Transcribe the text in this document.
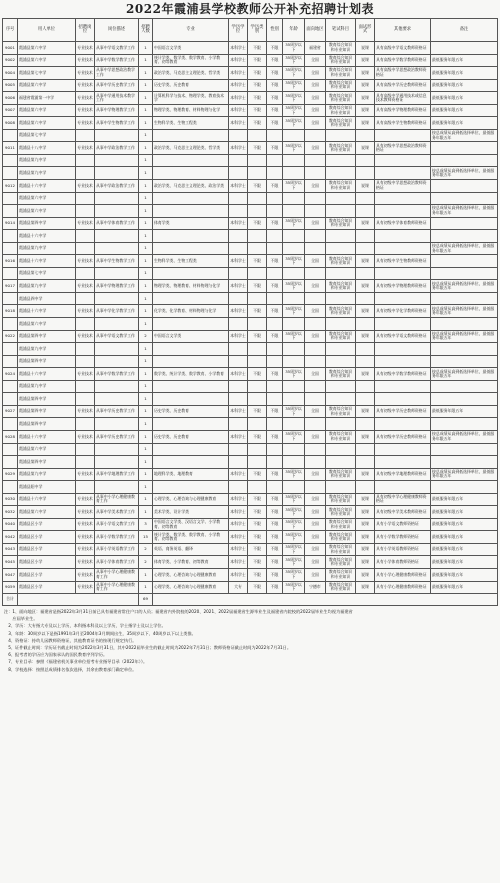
2022年霞浦县学校教师公开补充招聘计划表
序号	用人单位	招聘岗位	岗位描述	招聘人数	专业	学历学位	学历类别	性别	年龄	面向地区	笔试科目	面试形式	其他要求	备注
9001	霞浦县第六中学	专业技术	从事中学语文教学工作	1	中国语言文学类	本科学士	不限	不限	35周岁以下	福建省	教育综合知识和专业知识	说课	具有高级中学语文教师资格证	
9002	霞浦县第六中学	专业技术	从事中学数学教学工作	1	统计学类、数学类、数学教育、小学教育、初等教育	本科学士	不限	不限	35周岁以下	全国	教育综合知识和专业知识	说课	具有高级中学数学教师资格证	最低服务年限五年
9004	霞浦县第七中学	专业技术	从事中学思想政治教学工作	1	政治学类、马克思主义理论类、哲学类	本科学士	不限	不限	35周岁以下	全国	教育综合知识和专业知识	说课	具有高级中学思想政治教师资格证	最低服务年限五年
9005	霞浦县第六中学	专业技术	从事中学历史教学工作	1	历史学类、历史教育	本科学士	不限	不限	35周岁以下	全国	教育综合知识和专业知识	说课	具有高级中学历史教师资格证	最低服务年限五年
9006	福建省霞浦第一中学	专业技术	从事中学通用技术教学工作	1	计算机科学与技术、物理学类、教育技术学	本科学士	不限	不限	35周岁以下	全国	教育综合知识和专业知识	说课	具有高级中学通用技术或信息技术教师资格证	最低服务年限五年
9007	霞浦县第六中学	专业技术	从事中学物理教学工作	1	物理学类、物理教育、材料物理与化学	本科学士	不限	不限	35周岁以下	全国	教育综合知识和专业知识	说课	具有高级中学物理教师资格证	最低服务年限五年
9008	霞浦县第六中学	专业技术	从事中学生物教学工作	1	生物科学类、生物工程类	本科学士	不限	不限	35周岁以下	全国	教育综合知识和专业知识	说课	具有高级中学生物教师资格证	最低服务年限五年
	霞浦县第七中学			1										按总成绩从高到低选择单位，最低服务年限五年
9011	霞浦县十八中学	专业技术	从事中学政治教学工作	1	政治学类、马克思主义理论类、哲学类	本科学士	不限	不限	35周岁以下	全国	教育综合知识和专业知识	说课	具有初级中学思想政治教师资格证	
	霞浦县第九中学			1										
	霞浦县第九中学			1										按总成绩从高到低选择单位，最低服务年限五年
9012	霞浦县十六中学	专业技术	从事中学政治教学工作	1	政治学类、马克思主义理论类、政治学类	本科学士	不限	不限	35周岁以下	全国	教育综合知识和专业知识	说课	具有初级中学思想政治教师资格证	
	霞浦县第六中学			1										
	霞浦县第六中学			1										按总成绩从高到低选择单位，最低服务年限五年
9014	霞浦县第四中学	专业技术	从事中学体育教学工作	1	体育学类	本科学士	不限	不限	35周岁以下	全国	教育综合知识和专业知识	说课	具有初级中学体育教师资格证	
	霞浦县十六中学			1										
	霞浦县第九中学			1										按总成绩从高到低选择单位，最低服务年限五年
9016	霞浦县十六中学	专业技术	从事中学生物教学工作	1	生物科学类、生物工程类	本科学士	不限	不限	35周岁以下	全国	教育综合知识和专业知识	说课	具有初级中学生物教师资格证	
	霞浦县第七中学			1										
9017	霞浦县第九中学	专业技术	从事中学物理教学工作	1	物理学类、物理教育、材料物理与化学	本科学士	不限	不限	35周岁以下	全国	教育综合知识和专业知识	说课	具有初级中学物理教师资格证	按总成绩从高到低选择单位，最低服务年限五年
	霞浦县四中学			1										
9018	霞浦县十六中学	专业技术	从事中学化学教学工作	1	化学类、化学教育、材料物理与化学	本科学士	不限	不限	35周岁以下	全国	教育综合知识和专业知识	说课	具有初级中学化学教师资格证	按总成绩从高到低选择单位，最低服务年限五年
	霞浦县第六中学			1										
9022	霞浦县第四中学	专业技术	从事中学语文教学工作	2	中国语言文学类	本科学士	不限	不限	35周岁以下	全国	教育综合知识和专业知识	说课	具有初级中学语文教师资格证	按总成绩从高到低选择单位，最低服务年限五年
	霞浦县第九中学			1										
	霞浦县第四中学			1										
9024	霞浦县十六中学	专业技术	从事中学数学教学工作	1	数学类、统计学类、数学教育、小学教育	本科学士	不限	不限	35周岁以下	全国	教育综合知识和专业知识	说课	具有初级中学数学教师资格证	按总成绩从高到低选择单位，最低服务年限五年
	霞浦县第九中学			1										
	霞浦县第四中学			1										
9027	霞浦县第四中学	专业技术	从事中学历史教学工作	1	历史学类、历史教育	本科学士	不限	不限	35周岁以下	全国	教育综合知识和专业知识	说课	具有初级中学历史教师资格证	最低服务年限五年
	霞浦县第四中学			1										
9028	霞浦县十六中学	专业技术	从事中学历史教学工作	1	历史学类、历史教育	本科学士	不限	不限	35周岁以下	全国	教育综合知识和专业知识	说课	具有初级中学历史教师资格证	按总成绩从高到低选择单位，最低服务年限五年
	霞浦县第六中学			1										
	霞浦县第四中学			1										
9029	霞浦县第九中学	专业技术	从事中学地理教学工作	1	地理科学类、地理教育	本科学士	不限	不限	35周岁以下	全国	教育综合知识和专业知识	说课	具有初级中学地理教师资格证	按总成绩从高到低选择单位，最低服务年限五年
	霞浦县阳中学			1										
9030	霞浦县十六中学	专业技术	从事中小学心理健康教育工作	1	心理学类、心理咨询与心理健康教育	本科学士	不限	不限	35周岁以下	全国	教育综合知识和专业知识	说课	具有初级中学心理健康教师资格证	最低服务年限五年
9032	霞浦县第六中学	专业技术	从事中学美术教学工作	1	美术学类、设计学类	本科学士	不限	不限	35周岁以下	全国	教育综合知识和专业知识	说课	具有初级中学美术教师资格证	最低服务年限五年
9040	霞浦县区小学	专业技术	从事小学语文教学工作	3	中国语言文学类、汉语言文学、小学教育、初等教育	本科学士	不限	不限	35周岁以下	全国	教育综合知识和专业知识	说课	具有小学语文教师资格证	最低服务年限五年
9042	霞浦县区小学	专业技术	从事小学数学教学工作	15	统计学类、数学类、数学教育、小学教育、初等教育	本科学士	不限	不限	35周岁以下	全国	教育综合知识和专业知识	说课	具有小学数学教师资格证	最低服务年限五年
9043	霞浦县区小学	专业技术	从事小学英语教学工作	2	英语、商务英语、翻译	本科学士	不限	不限	35周岁以下	全国	教育综合知识和专业知识	说课	具有小学英语教师资格证	最低服务年限五年
9045	霞浦县区小学	专业技术	从事小学体育教学工作	2	体育学类、小学教育、初等教育	本科学士	不限	不限	35周岁以下	全国	教育综合知识和专业知识	说课	具有小学体育教师资格证	最低服务年限五年
9047	霞浦县区小学	专业技术	从事中小学心理健康教育工作	1	心理学类、心理咨询与心理健康教育	本科学士	不限	不限	35周岁以下	全国	教育综合知识和专业知识	说课	具有小学心理健康教师资格证	最低服务年限五年
9059	霞浦县区小学	专业技术	从事中小学心理健康教育工作	1	心理学类、心理咨询与心理健康教育	大专	不限	不限	35周岁以下	宁德市	教育综合知识和专业知识	说课	具有小学心理健康教师资格证	最低服务年限五年
合计				69										
注：1、面向地区：福建省是指2022年3月31日前已具有福建省常住户口的人员；福建省内外院校的2020、2021、2022届福建省生源毕业生及福建省内院校的2022届毕业生均视为福建省
　　应届毕业生。
　2、学历：大专指大专及以上学历，本科指本科及以上学历，学士指学士及以上学位。
　3、年龄：30周岁以下是指1991年3月至2004年3月期间出生，35周岁以下、40周岁以下以上类推。
　4、资格证：持幼儿园教师资格证，其他教育证书的按现行规定执行。
　5、证件截止时间：学历证书截止时间为2022年3月31日，其中2022届毕业生的截止时间为2022年7月31日；教师资格证截止时间为2022年7月31日。
　6、报考者的学历应为国家承认的国民教育序列学历。
　7、专业目录：参照《福建省机关事业单位招考专业指导目录（2022年）》。
　8、学校选择：按照总成绩排名依次选择，其余由教育部门确定单位。
